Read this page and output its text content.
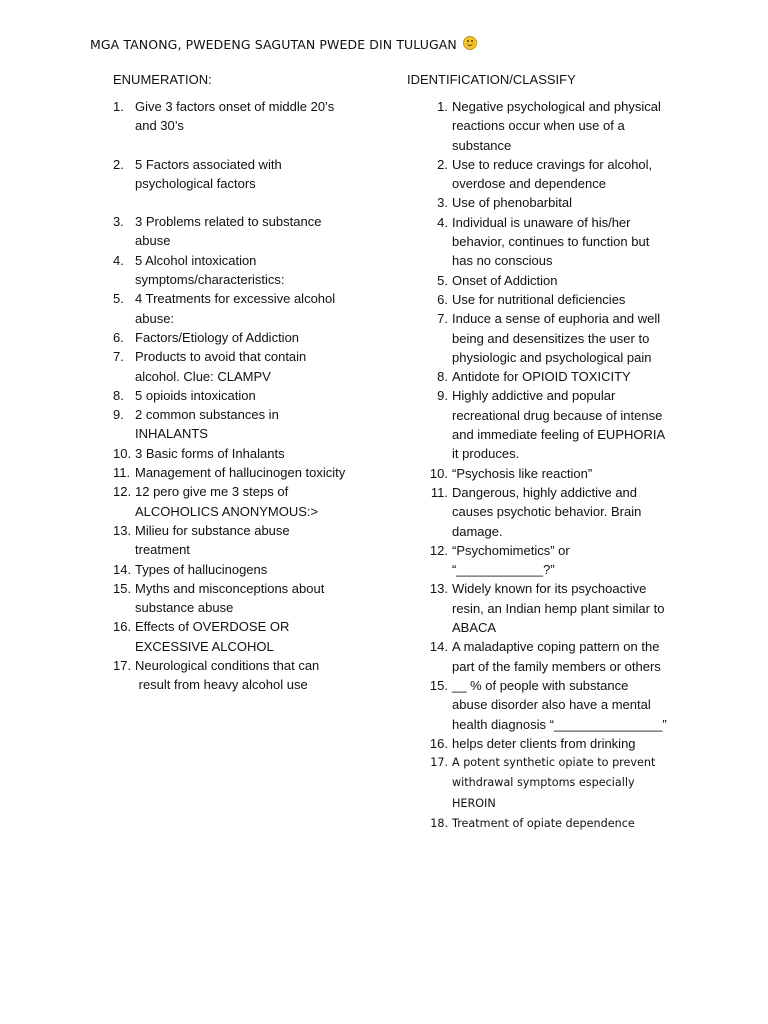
MGA TANONG, PWEDENG SAGUTAN PWEDE DIN TULUGAN
ENUMERATION:	IDENTIFICATION/CLASSIFY
1. Give 3 factors onset of middle 20’s
and 30’s
2. 5 Factors associated with
psychological factors
3. 3 Problems related to substance
abuse
4. 5 Alcohol intoxication
symptoms/characteristics:
5. 4 Treatments for excessive alcohol
abuse:
6. Factors/Etiology of Addiction
7. Products to avoid that contain
alcohol. Clue: CLAMPV
8. 5 opioids intoxication
9. 2 common substances in
INHALANTS
10. 3 Basic forms of Inhalants
11. Management of hallucinogen toxicity
12. 12 pero give me 3 steps of
ALCOHOLICS ANONYMOUS:>
13. Milieu for substance abuse
treatment
14. Types of hallucinogens
15. Myths and misconceptions about
substance abuse
16. Effects of OVERDOSE OR
EXCESSIVE ALCOHOL
17. Neurological conditions that can
result from heavy alcohol use
1. Negative psychological and physical
reactions occur when use of a
substance
2. Use to reduce cravings for alcohol,
overdose and dependence
3. Use of phenobarbital
4. Individual is unaware of his/her
behavior, continues to function but
has no conscious
5. Onset of Addiction
6. Use for nutritional deficiencies
7. Induce a sense of euphoria and well
being and desensitizes the user to
physiologic and psychological pain
8. Antidote for OPIOID TOXICITY
9. Highly addictive and popular
recreational drug because of intense
and immediate feeling of EUPHORIA
it produces.
10. “Psychosis like reaction”
11. Dangerous, highly addictive and
causes psychotic behavior. Brain
damage.
12. “Psychomimetics” or
“____________?”
13. Widely known for its psychoactive
resin, an Indian hemp plant similar to
ABACA
14. A maladaptive coping pattern on the
part of the family members or others
15. __ % of people with substance
abuse disorder also have a mental
health diagnosis “_______________”
16. helps deter clients from drinking
17. A potent synthetic opiate to prevent
withdrawal symptoms especially
HEROIN
18. Treatment of opiate dependence
